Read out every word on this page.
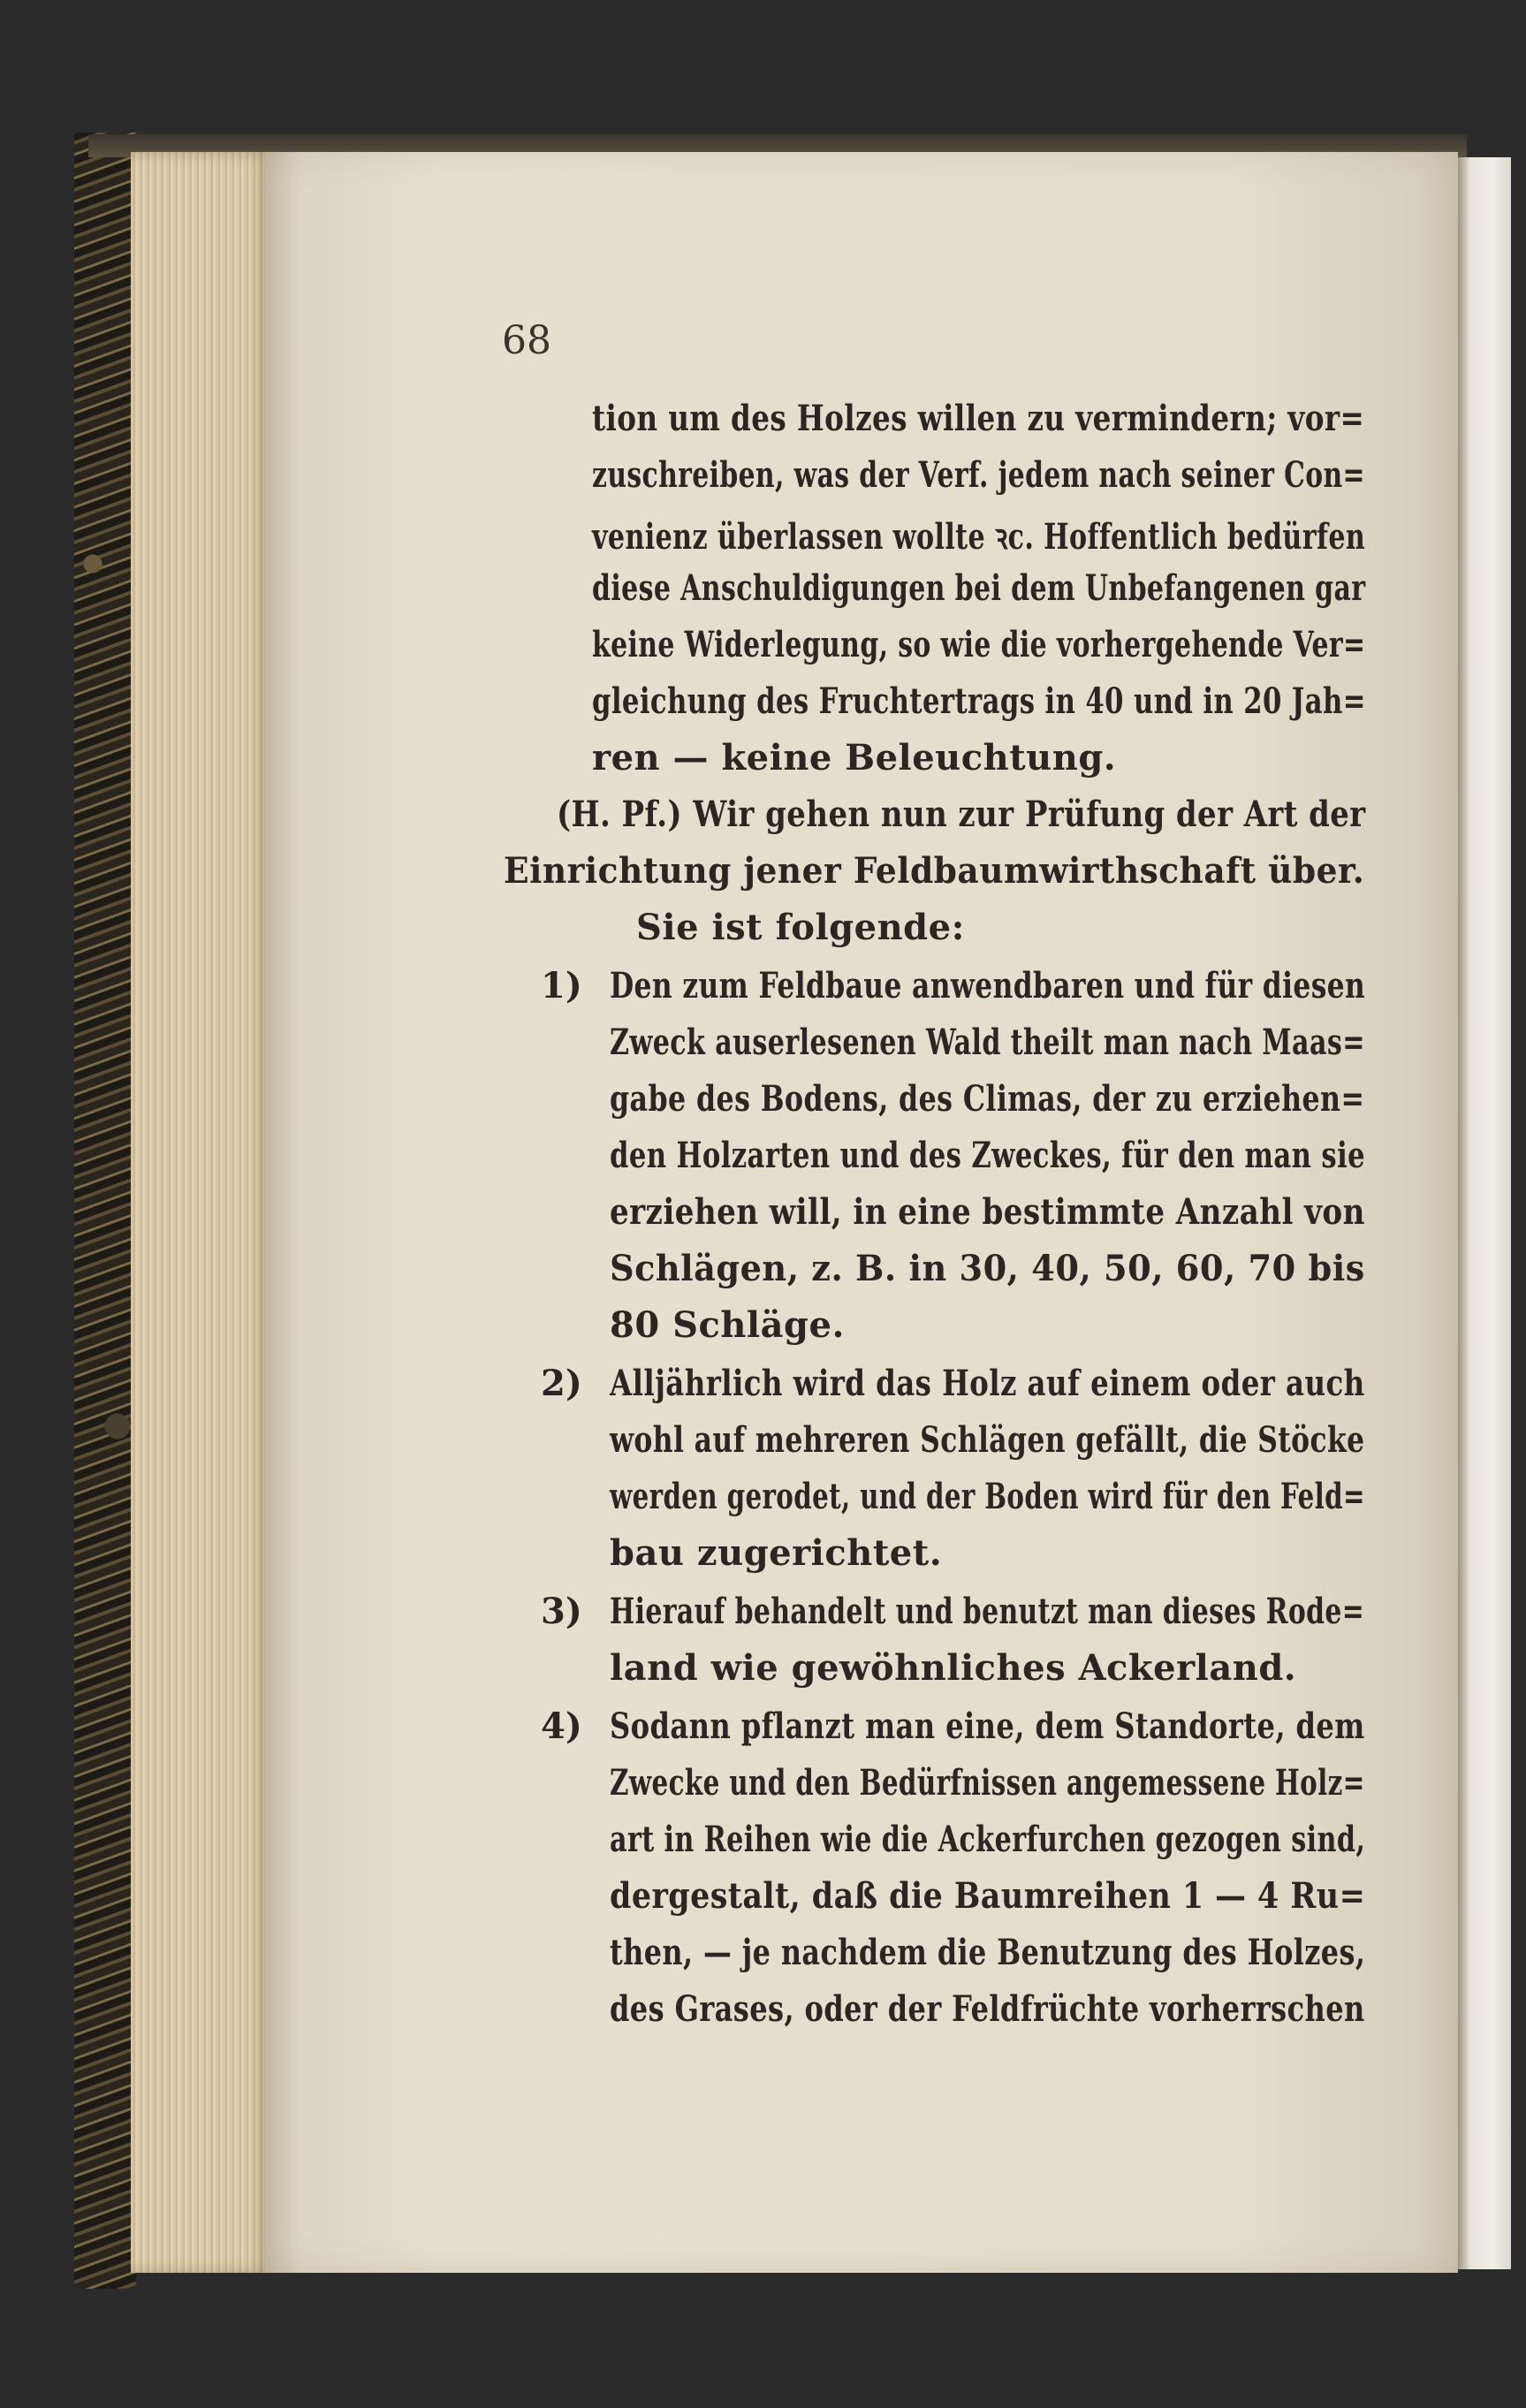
68
tion um des Holzes willen zu vermindern; vor=
zuschreiben, was der Verf. jedem nach seiner Con=
venienz überlassen wollte ꝛc. Hoffentlich bedürfen
diese Anschuldigungen bei dem Unbefangenen gar
keine Widerlegung, so wie die vorhergehende Ver=
gleichung des Fruchtertrags in 40 und in 20 Jah=
ren — keine Beleuchtung.
(H. Pf.) Wir gehen nun zur Prüfung der Art der
Einrichtung jener Feldbaumwirthschaft über.
Sie ist folgende:
1) Den zum Feldbaue anwendbaren und für diesen
Zweck auserlesenen Wald theilt man nach Maas=
gabe des Bodens, des Climas, der zu erziehen=
den Holzarten und des Zweckes, für den man sie
erziehen will, in eine bestimmte Anzahl von
Schlägen, z. B. in 30, 40, 50, 60, 70 bis
80 Schläge.
2) Alljährlich wird das Holz auf einem oder auch
wohl auf mehreren Schlägen gefällt, die Stöcke
werden gerodet, und der Boden wird für den Feld=
bau zugerichtet.
3) Hierauf behandelt und benutzt man dieses Rode=
land wie gewöhnliches Ackerland.
4) Sodann pflanzt man eine, dem Standorte, dem
Zwecke und den Bedürfnissen angemessene Holz=
art in Reihen wie die Ackerfurchen gezogen sind,
dergestalt, daß die Baumreihen 1 — 4 Ru=
then, — je nachdem die Benutzung des Holzes,
des Grases, oder der Feldfrüchte vorherrschen
